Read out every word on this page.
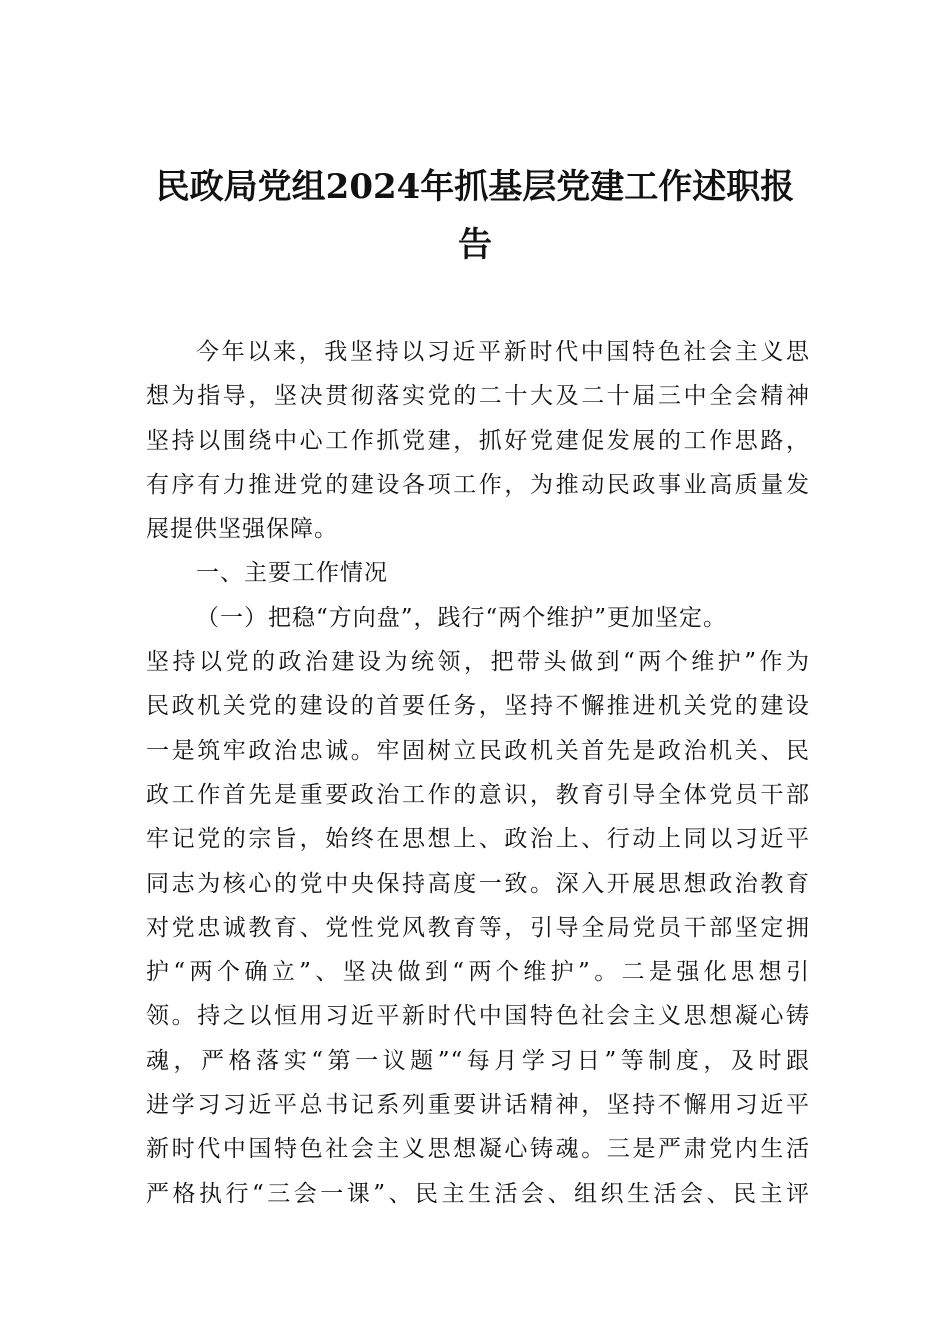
民政局党组2024年抓基层党建工作述职报
告
今年以来，我坚持以习近平新时代中国特色社会主义思
想为指导，坚决贯彻落实党的二十大及二十届三中全会精神
坚持以围绕中心工作抓党建，抓好党建促发展的工作思路，
有序有力推进党的建设各项工作，为推动民政事业高质量发
展提供坚强保障。
一、主要工作情况
（一）把稳“方向盘”，践行“两个维护”更加坚定。
坚持以党的政治建设为统领，把带头做到“两个维护”作为
民政机关党的建设的首要任务，坚持不懈推进机关党的建设
一是筑牢政治忠诚。牢固树立民政机关首先是政治机关、民
政工作首先是重要政治工作的意识，教育引导全体党员干部
牢记党的宗旨，始终在思想上、政治上、行动上同以习近平
同志为核心的党中央保持高度一致。深入开展思想政治教育
对党忠诚教育、党性党风教育等，引导全局党员干部坚定拥
护“两个确立”、坚决做到“两个维护”。二是强化思想引
领。持之以恒用习近平新时代中国特色社会主义思想凝心铸
魂，严格落实“第一议题”“每月学习日”等制度，及时跟
进学习习近平总书记系列重要讲话精神，坚持不懈用习近平
新时代中国特色社会主义思想凝心铸魂。三是严肃党内生活
严格执行“三会一课”、民主生活会、组织生活会、民主评
